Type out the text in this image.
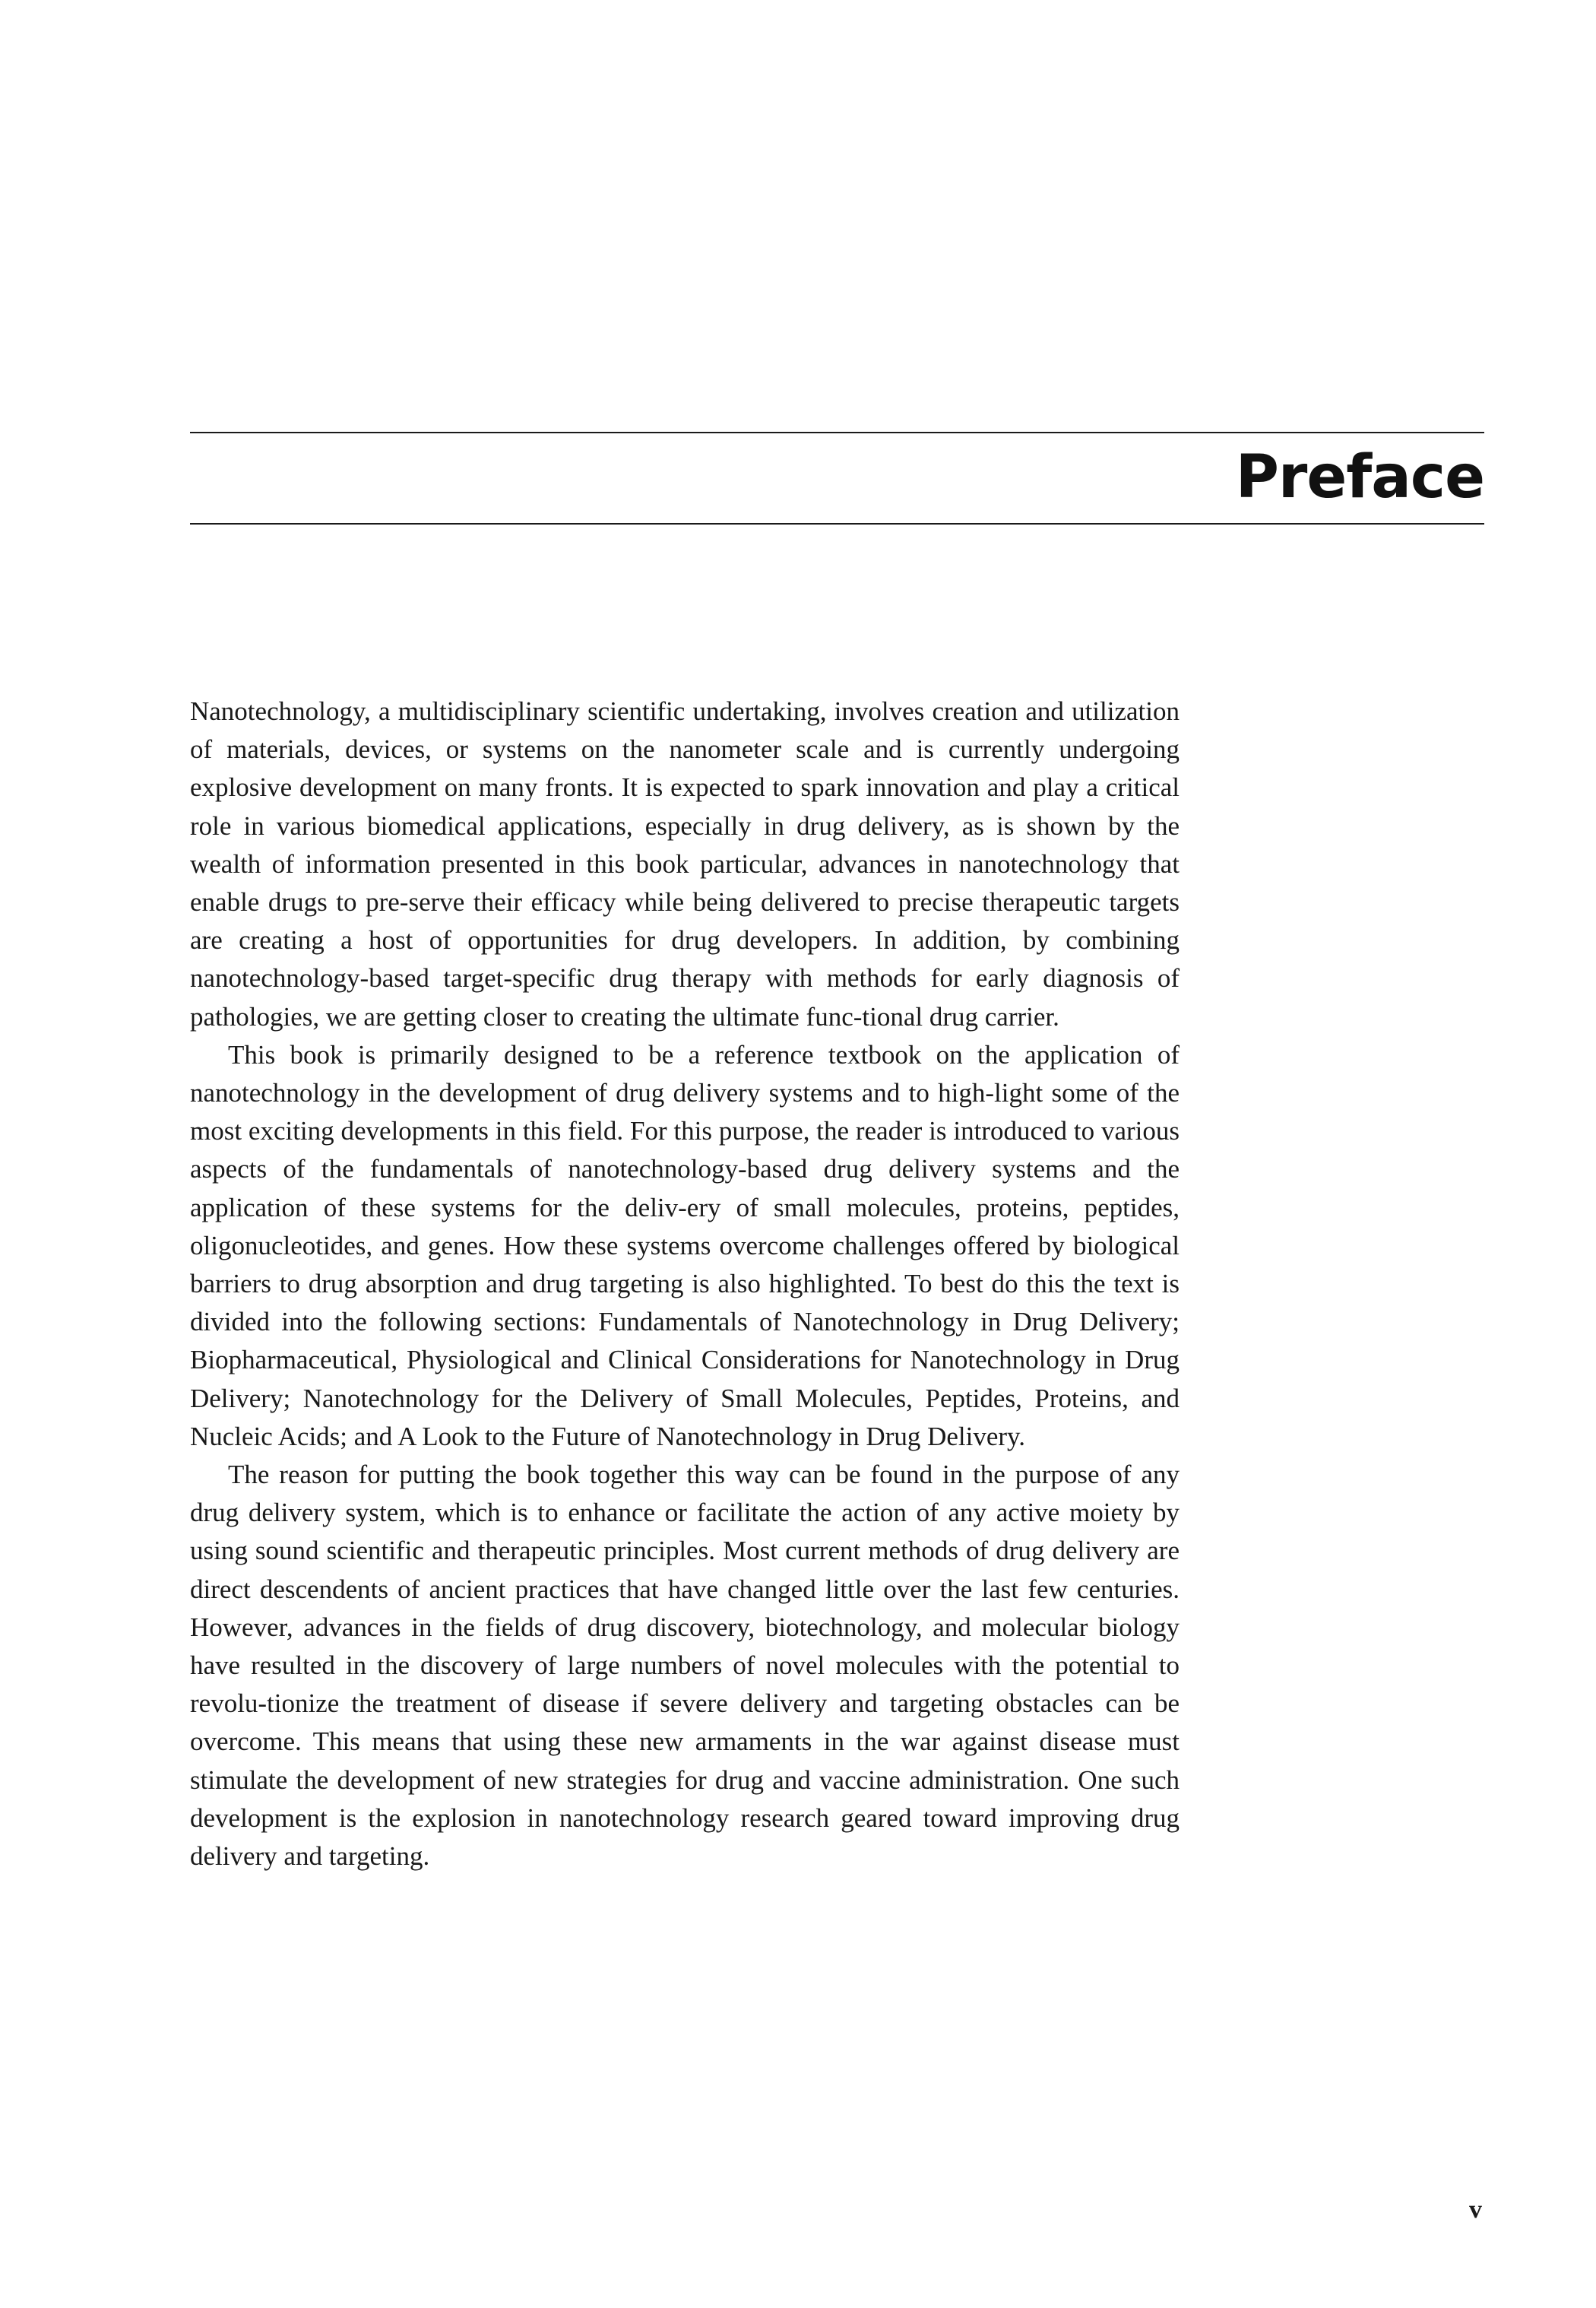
Preface

Nanotechnology, a multidisciplinary scientific undertaking, involves creation and utilization of materials, devices, or systems on the nanometer scale and is currently undergoing explosive development on many fronts. It is expected to spark innovation and play a critical role in various biomedical applications, especially in drug delivery, as is shown by the wealth of information presented in this book particular, advances in nanotechnology that enable drugs to pre-serve their efficacy while being delivered to precise therapeutic targets are creating a host of opportunities for drug developers. In addition, by combining nanotechnology-based target-specific drug therapy with methods for early diagnosis of pathologies, we are getting closer to creating the ultimate func-tional drug carrier.

This book is primarily designed to be a reference textbook on the application of nanotechnology in the development of drug delivery systems and to high-light some of the most exciting developments in this field. For this purpose, the reader is introduced to various aspects of the fundamentals of nanotechnology-based drug delivery systems and the application of these systems for the deliv-ery of small molecules, proteins, peptides, oligonucleotides, and genes. How these systems overcome challenges offered by biological barriers to drug absorption and drug targeting is also highlighted. To best do this the text is divided into the following sections: Fundamentals of Nanotechnology in Drug Delivery; Biopharmaceutical, Physiological and Clinical Considerations for Nanotechnology in Drug Delivery; Nanotechnology for the Delivery of Small Molecules, Peptides, Proteins, and Nucleic Acids; and A Look to the Future of Nanotechnology in Drug Delivery.

The reason for putting the book together this way can be found in the purpose of any drug delivery system, which is to enhance or facilitate the action of any active moiety by using sound scientific and therapeutic principles. Most current methods of drug delivery are direct descendents of ancient practices that have changed little over the last few centuries. However, advances in the fields of drug discovery, biotechnology, and molecular biology have resulted in the discovery of large numbers of novel molecules with the potential to revolu-tionize the treatment of disease if severe delivery and targeting obstacles can be overcome. This means that using these new armaments in the war against disease must stimulate the development of new strategies for drug and vaccine administration. One such development is the explosion in nanotechnology research geared toward improving drug delivery and targeting.

v
